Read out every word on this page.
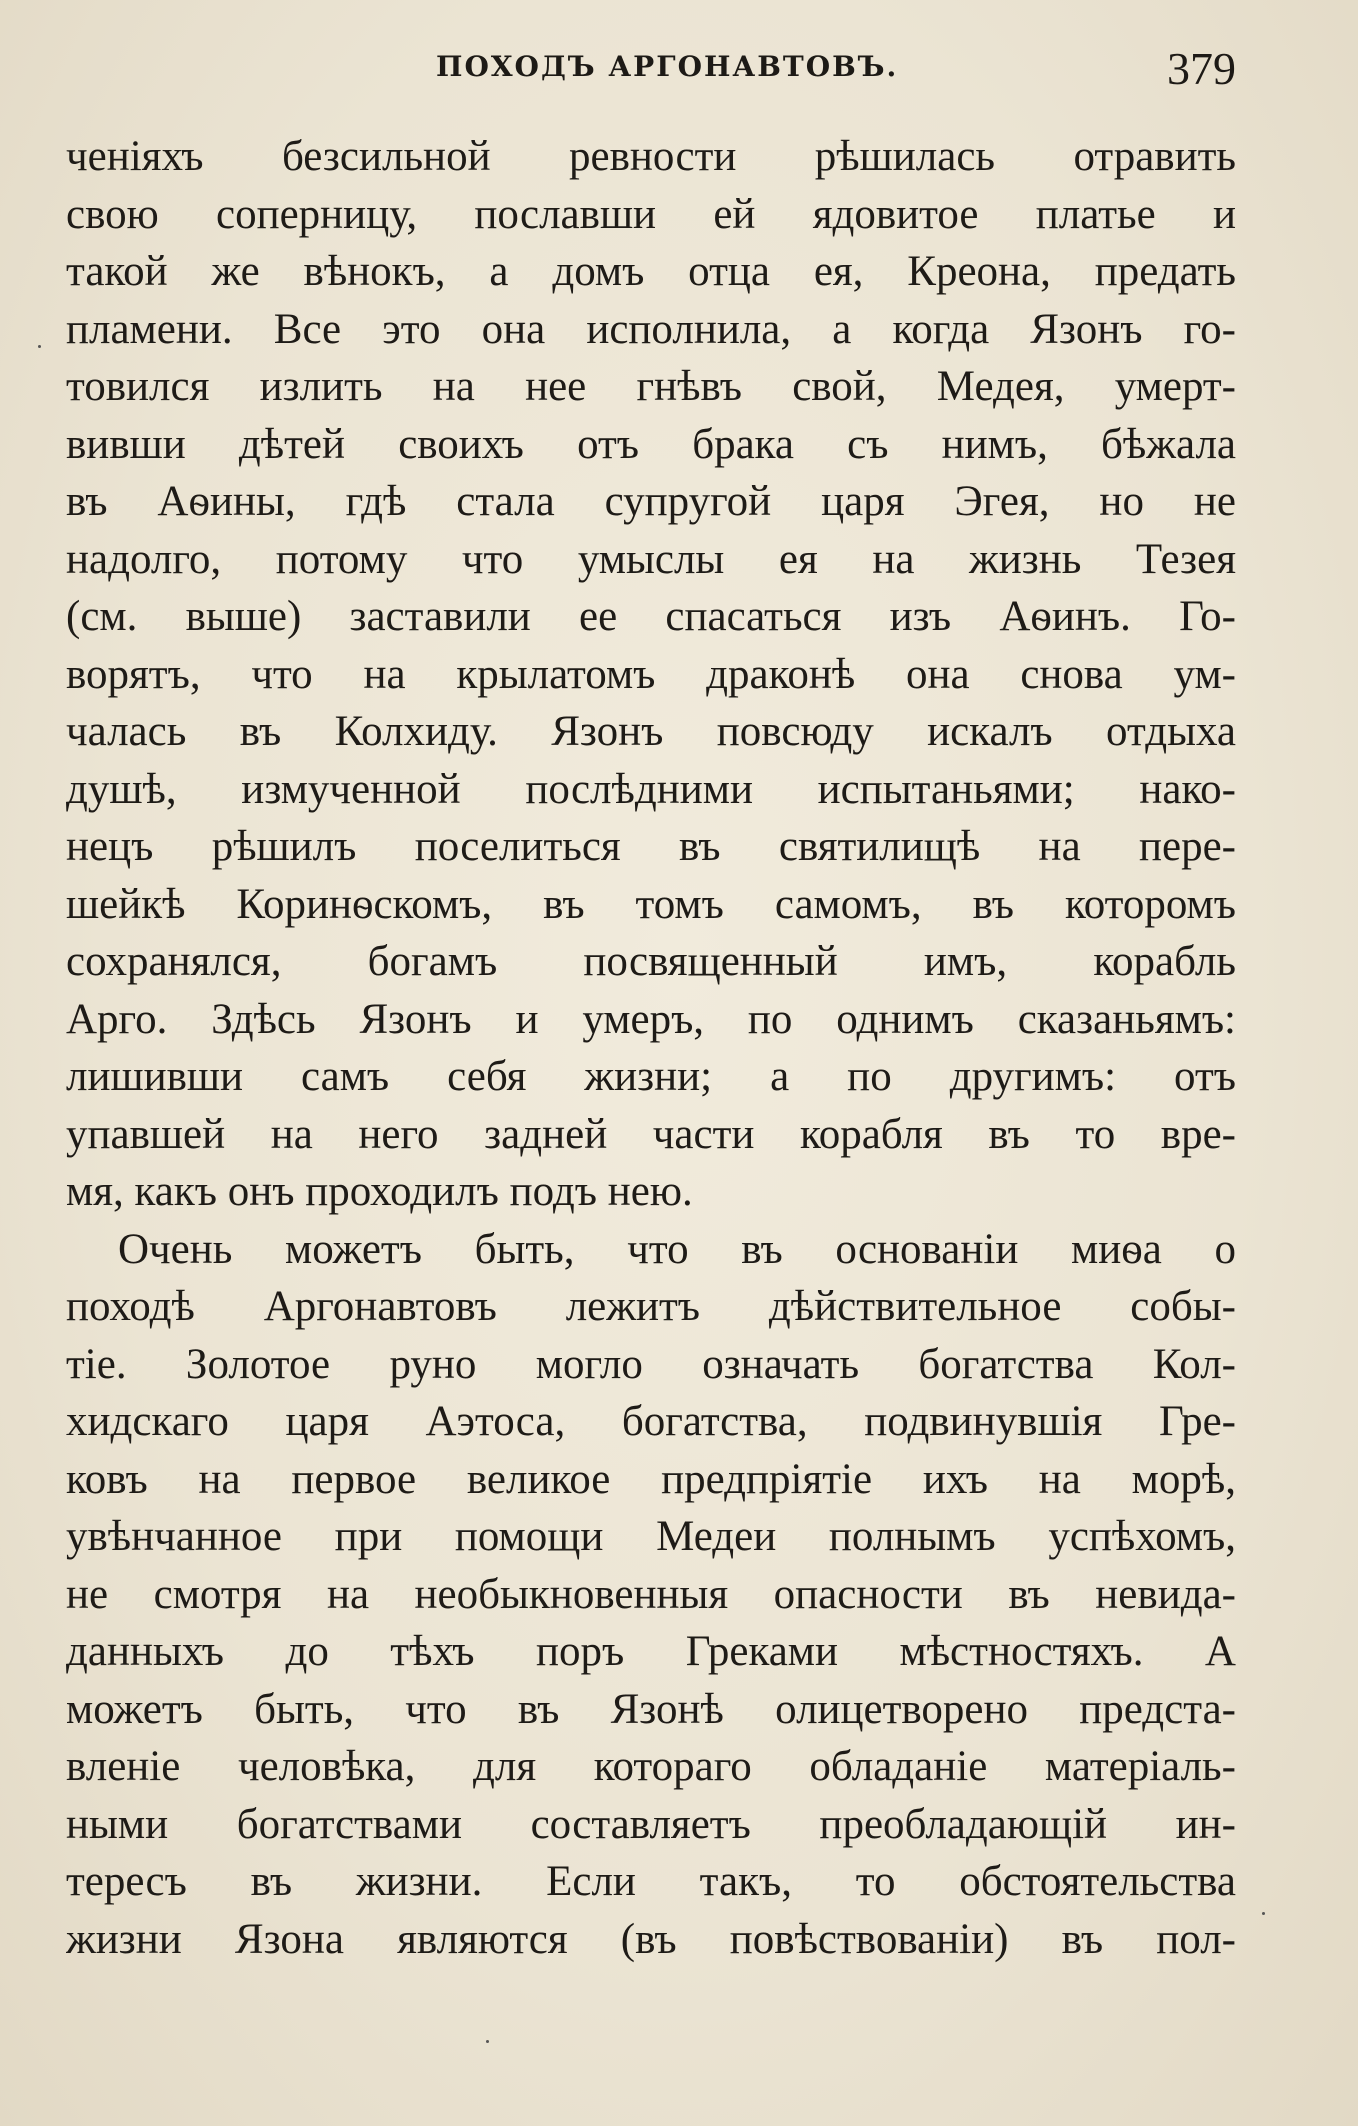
ПОХОДЪ АРГОНАВТОВЪ.	379
ченіяхъ безсильной ревности рѣшилась отравить
свою соперницу, пославши ей ядовитое платье и
такой же вѣнокъ, а домъ отца ея, Креона, предать
пламени. Все это она исполнила, а когда Язонъ го-
товился излить на нее гнѣвъ свой, Медея, умерт-
вивши дѣтей своихъ отъ брака съ нимъ, бѣжала
въ Аѳины, гдѣ стала супругой царя Эгея, но не
надолго, потому что умыслы ея на жизнь Тезея
(см. выше) заставили ее спасаться изъ Аѳинъ. Го-
ворятъ, что на крылатомъ драконѣ она снова ум-
чалась въ Колхиду. Язонъ повсюду искалъ отдыха
душѣ, измученной послѣдними испытаньями; нако-
нецъ рѣшилъ поселиться въ святилищѣ на пере-
шейкѣ Коринѳскомъ, въ томъ самомъ, въ которомъ
сохранялся, богамъ посвященный имъ, корабль
Арго. Здѣсь Язонъ и умеръ, по однимъ сказаньямъ:
лишивши самъ себя жизни; а по другимъ: отъ
упавшей на него задней части корабля въ то вре-
мя, какъ онъ проходилъ подъ нею.
Очень можетъ быть, что въ основаніи миѳа о
походѣ Аргонавтовъ лежитъ дѣйствительное собы-
тіе. Золотое руно могло означать богатства Кол-
хидскаго царя Аэтоса, богатства, подвинувшія Гре-
ковъ на первое великое предпріятіе ихъ на морѣ,
увѣнчанное при помощи Медеи полнымъ успѣхомъ,
не смотря на необыкновенныя опасности въ невида-
данныхъ до тѣхъ поръ Греками мѣстностяхъ. А
можетъ быть, что въ Язонѣ олицетворено предста-
вленіе человѣка, для котораго обладаніе матеріаль-
ными богатствами составляетъ преобладающій ин-
тересъ въ жизни. Если такъ, то обстоятельства
жизни Язона являются (въ повѣствованіи) въ пол-
